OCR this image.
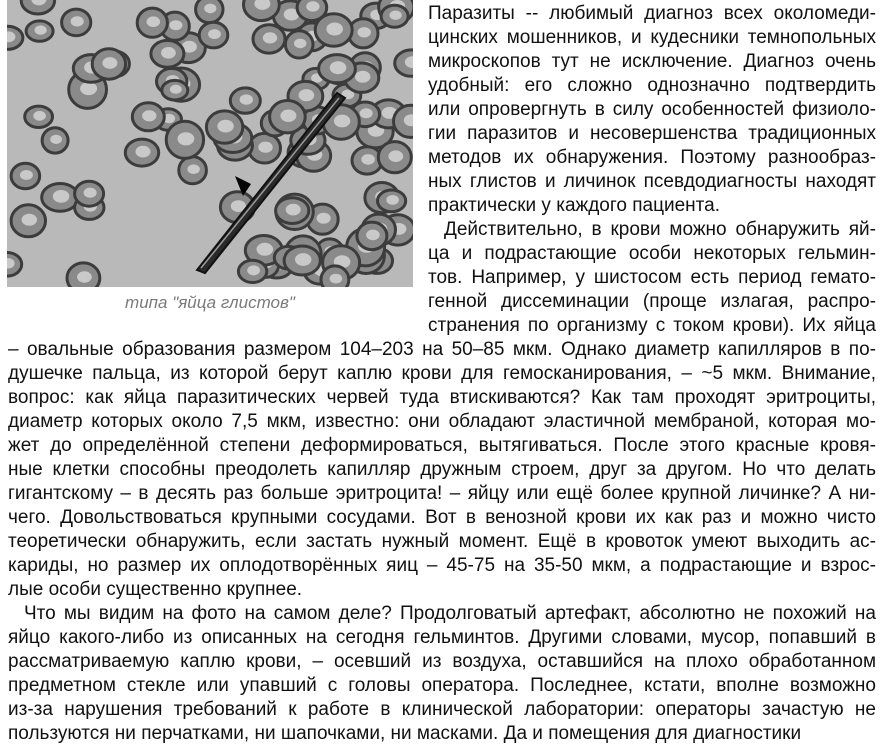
типа "яйца глистов"

Паразиты -- любимый диагноз всех околомеди-

цинских мошенников, и кудесники темнопольных

микроскопов тут не исключение. Диагноз очень

удобный: его сложно однозначно подтвердить

или опровергнуть в силу особенностей физиоло-

гии паразитов и несовершенства традиционных

методов их обнаружения. Поэтому разнообраз-

ных глистов и личинок псевдодиагносты находят

практически у каждого пациента.

Действительно, в крови можно обнаружить яй-

ца и подрастающие особи некоторых гельмин-

тов. Например, у шистосом есть период гемато-

генной диссеминации (проще излагая, распро-

странения по организму с током крови). Их яйца

– овальные образования размером 104–203 на 50–85 мкм. Однако диаметр капилляров в по-

душечке пальца, из которой берут каплю крови для гемосканирования, – ~5 мкм. Внимание,

вопрос: как яйца паразитических червей туда втискиваются? Как там проходят эритроциты,

диаметр которых около 7,5 мкм, известно: они обладают эластичной мембраной, которая мо-

жет до определённой степени деформироваться, вытягиваться. После этого красные кровя-

ные клетки способны преодолеть капилляр дружным строем, друг за другом. Но что делать

гигантскому – в десять раз больше эритроцита! – яйцу или ещё более крупной личинке? А ни-

чего. Довольствоваться крупными сосудами. Вот в венозной крови их как раз и можно чисто

теоретически обнаружить, если застать нужный момент. Ещё в кровоток умеют выходить ас-

кариды, но размер их оплодотворённых яиц – 45-75 на 35-50 мкм, а подрастающие и взрос-

лые особи существенно крупнее.

Что мы видим на фото на самом деле? Продолговатый артефакт, абсолютно не похожий на

яйцо какого-либо из описанных на сегодня гельминтов. Другими словами, мусор, попавший в

рассматриваемую каплю крови, – осевший из воздуха, оставшийся на плохо обработанном

предметном стекле или упавший с головы оператора. Последнее, кстати, вполне возможно

из-за нарушения требований к работе в клинической лаборатории: операторы зачастую не

пользуются ни перчатками, ни шапочками, ни масками. Да и помещения для диагностики
